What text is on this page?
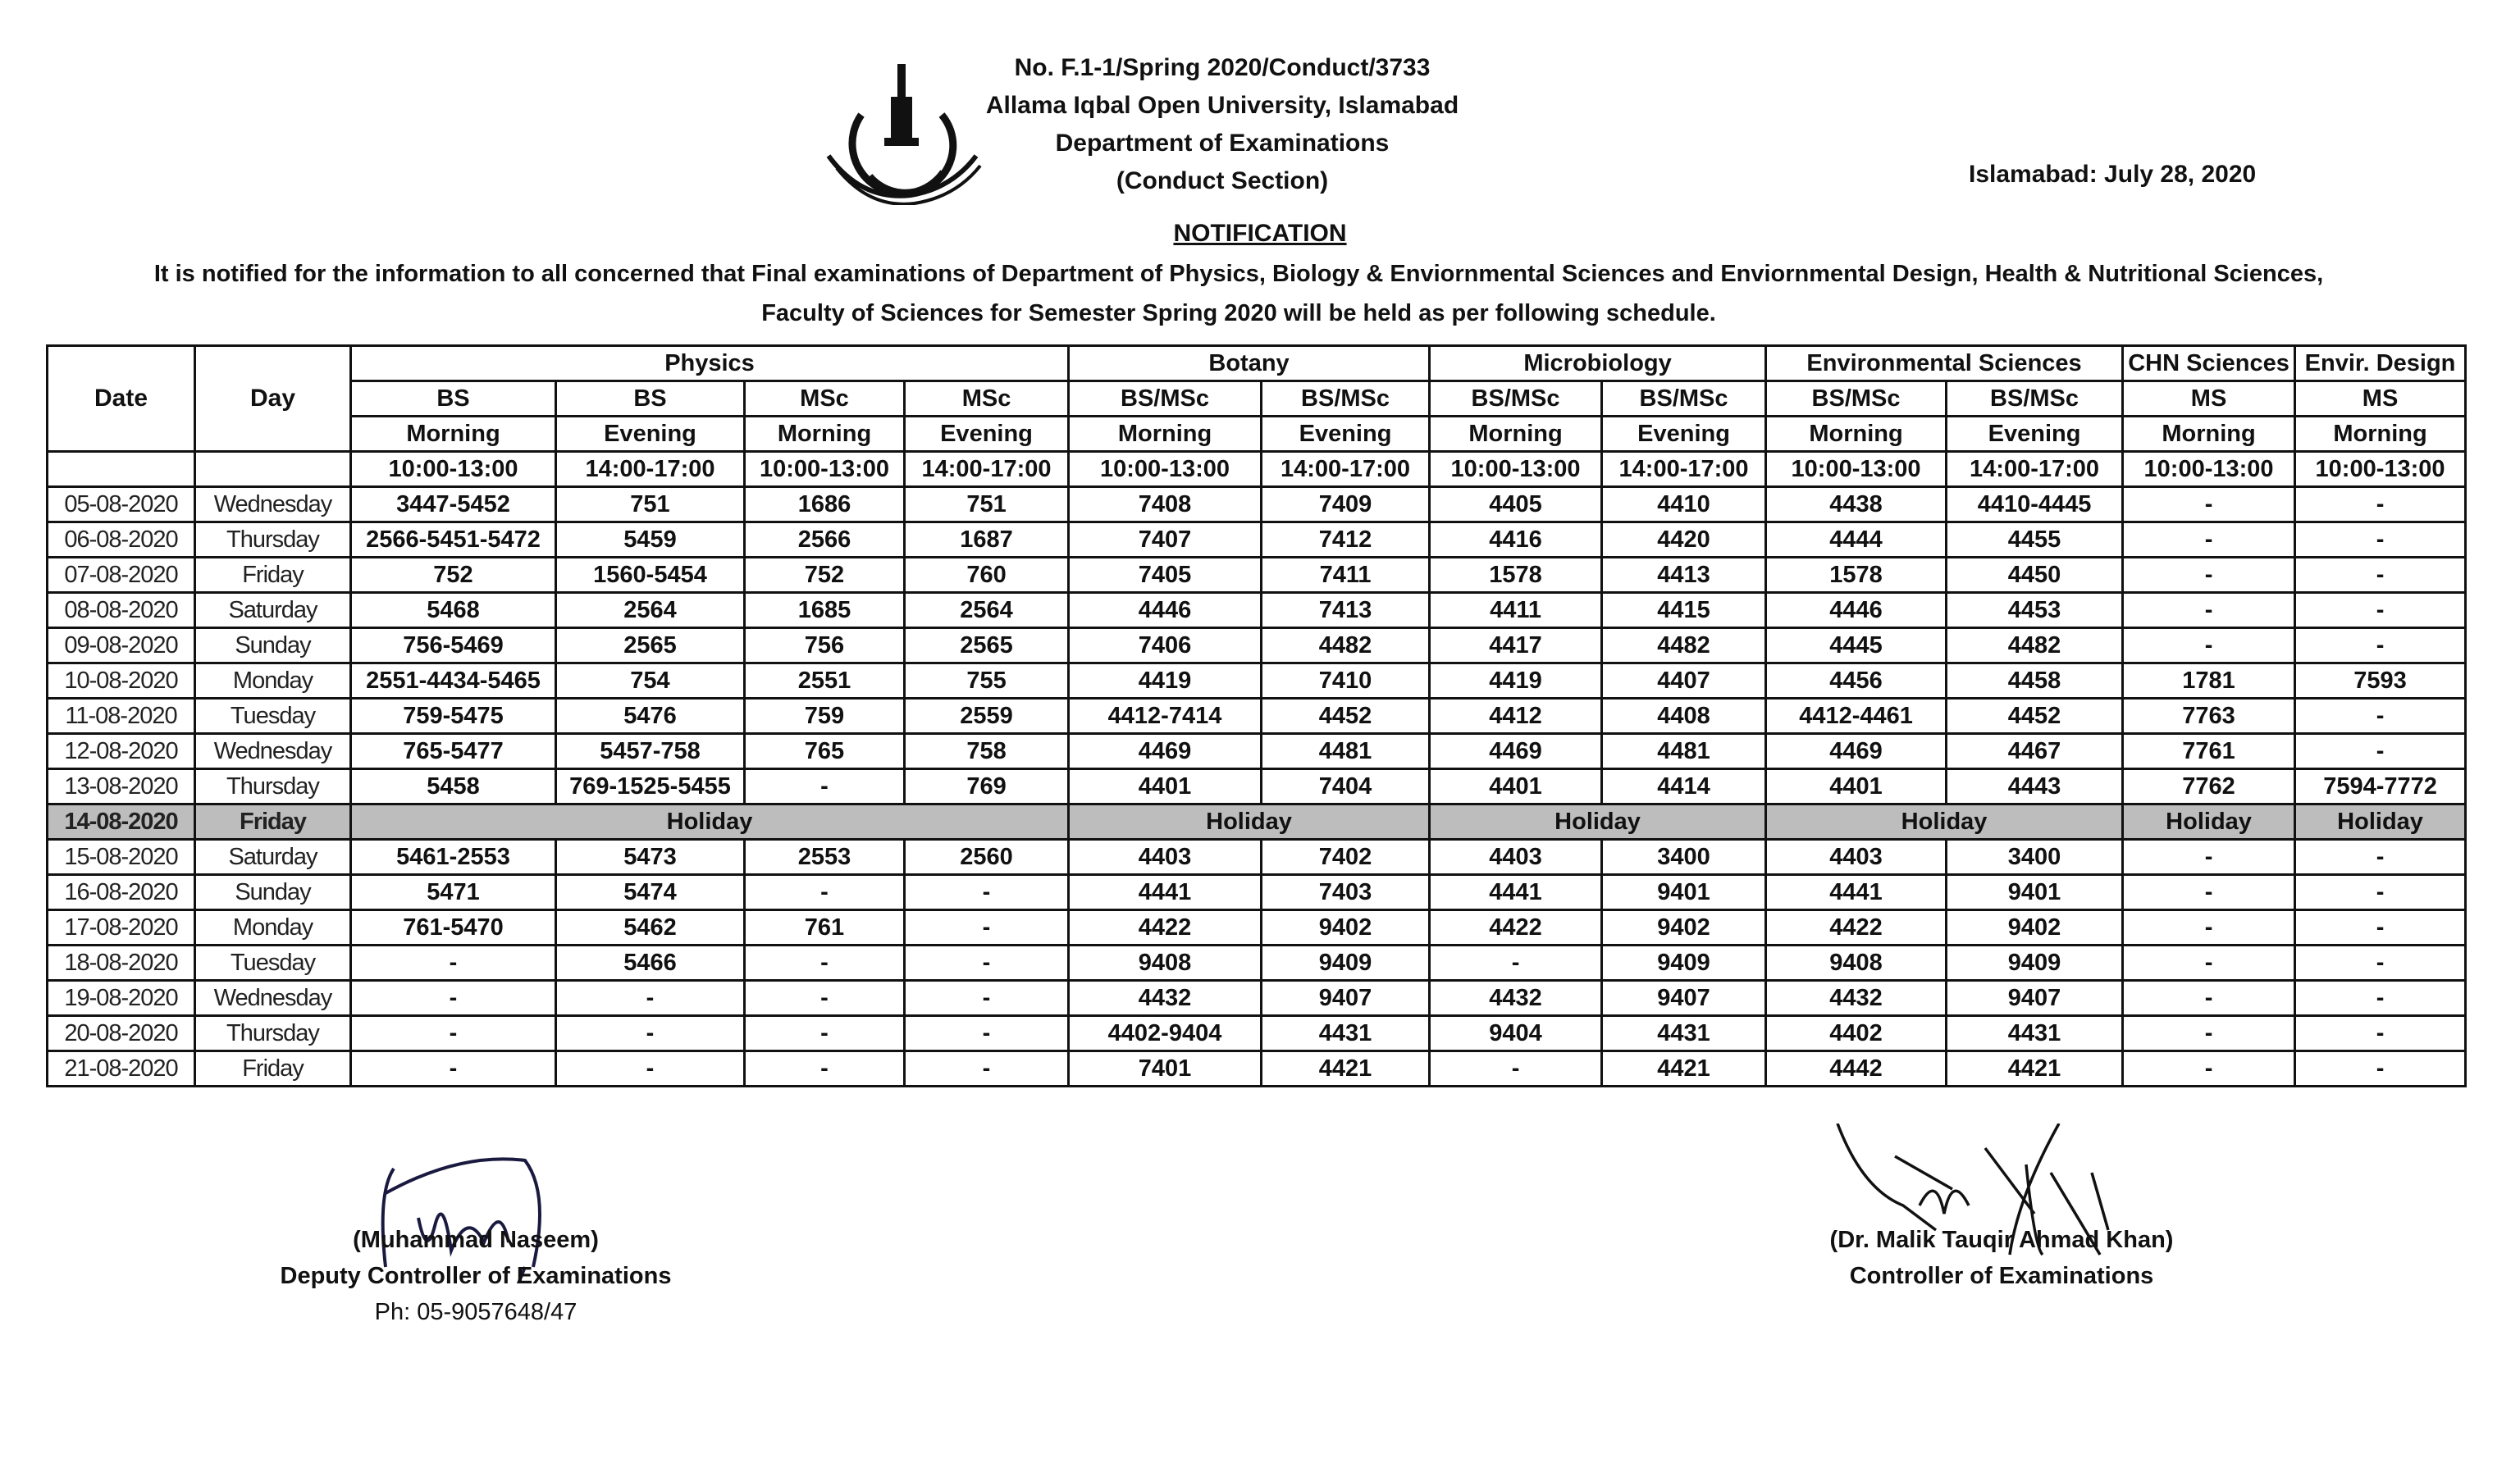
No. F.1-1/Spring 2020/Conduct/3733
Allama Iqbal Open University, Islamabad
Department of Examinations
(Conduct Section)	Islamabad: July 28, 2020
NOTIFICATION
It is notified for the information to all concerned that Final examinations of Department of Physics, Biology & Enviornmental Sciences and Enviornmental Design, Health & Nutritional Sciences,
Faculty of Sciences for Semester Spring 2020 will be held as per following schedule.
Date	Day	Physics				Botany		Microbiology		Environmental Sciences		CHN Sciences	Envir. Design
		BS	BS	MSc	MSc	BS/MSc	BS/MSc	BS/MSc	BS/MSc	BS/MSc	BS/MSc	MS	MS
		Morning	Evening	Morning	Evening	Morning	Evening	Morning	Evening	Morning	Evening	Morning	Morning
		10:00-13:00	14:00-17:00	10:00-13:00	14:00-17:00	10:00-13:00	14:00-17:00	10:00-13:00	14:00-17:00	10:00-13:00	14:00-17:00	10:00-13:00	10:00-13:00
05-08-2020	Wednesday	3447-5452	751	1686	751	7408	7409	4405	4410	4438	4410-4445	-	-
06-08-2020	Thursday	2566-5451-5472	5459	2566	1687	7407	7412	4416	4420	4444	4455	-	-
07-08-2020	Friday	752	1560-5454	752	760	7405	7411	1578	4413	1578	4450	-	-
08-08-2020	Saturday	5468	2564	1685	2564	4446	7413	4411	4415	4446	4453	-	-
09-08-2020	Sunday	756-5469	2565	756	2565	7406	4482	4417	4482	4445	4482	-	-
10-08-2020	Monday	2551-4434-5465	754	2551	755	4419	7410	4419	4407	4456	4458	1781	7593
11-08-2020	Tuesday	759-5475	5476	759	2559	4412-7414	4452	4412	4408	4412-4461	4452	7763	-
12-08-2020	Wednesday	765-5477	5457-758	765	758	4469	4481	4469	4481	4469	4467	7761	-
13-08-2020	Thursday	5458	769-1525-5455	-	769	4401	7404	4401	4414	4401	4443	7762	7594-7772
14-08-2020	Friday	Holiday				Holiday		Holiday		Holiday		Holiday	Holiday
15-08-2020	Saturday	5461-2553	5473	2553	2560	4403	7402	4403	3400	4403	3400	-	-
16-08-2020	Sunday	5471	5474	-	-	4441	7403	4441	9401	4441	9401	-	-
17-08-2020	Monday	761-5470	5462	761	-	4422	9402	4422	9402	4422	9402	-	-
18-08-2020	Tuesday	-	5466	-	-	9408	9409	-	9409	9408	9409	-	-
19-08-2020	Wednesday	-	-	-	-	4432	9407	4432	9407	4432	9407	-	-
20-08-2020	Thursday	-	-	-	-	4402-9404	4431	9404	4431	4402	4431	-	-
21-08-2020	Friday	-	-	-	-	7401	4421	-	4421	4442	4421	-	-
(Muhammad Naseem)
Deputy Controller of Examinations
Ph: 05-9057648/47
(Dr. Malik Tauqir Ahmad Khan)
Controller of Examinations
